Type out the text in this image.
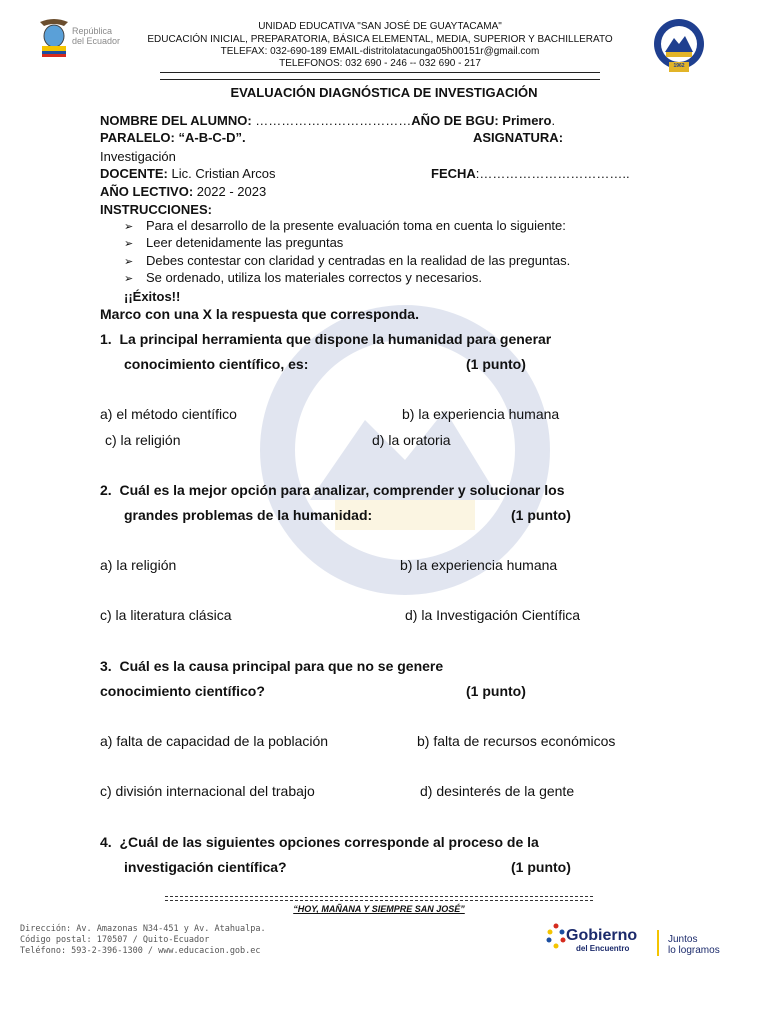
República
del Ecuador
UNIDAD EDUCATIVA "SAN JOSÉ DE GUAYTACAMA"
EDUCACIÓN INICIAL, PREPARATORIA, BÁSICA ELEMENTAL, MEDIA, SUPERIOR Y BACHILLERATO
TELEFAX: 032-690-189 EMAIL-distritolatacunga05h00151r@gmail.com
TELEFONOS: 032 690 - 246 -- 032 690 - 217	1962
EVALUACIÓN DIAGNÓSTICA DE INVESTIGACIÓN
NOMBRE DEL ALUMNO: ………………………………AÑO DE BGU: Primero.
PARALELO: “A-B-C-D”.	ASIGNATURA:
Investigación
DOCENTE: Lic. Cristian Arcos	FECHA:……………………………..
AÑO LECTIVO: 2022 - 2023
INSTRUCCIONES:
➢ Para el desarrollo de la presente evaluación toma en cuenta lo siguiente:
➢ Leer detenidamente las preguntas
➢ Debes contestar con claridad y centradas en la realidad de las preguntas.
➢ Se ordenado, utiliza los materiales correctos y necesarios.
¡¡Éxitos!!
Marco con una X la respuesta que corresponda.
1. La principal herramienta que dispone la humanidad para generar
conocimiento científico, es:	(1 punto)
a) el método científico	b) la experiencia humana
c) la religión	d) la oratoria
2. Cuál es la mejor opción para analizar, comprender y solucionar los
grandes problemas de la humanidad:	(1 punto)
a) la religión	b) la experiencia humana
c) la literatura clásica	d) la Investigación Científica
3. Cuál es la causa principal para que no se genere
conocimiento científico?	(1 punto)
a) falta de capacidad de la población	b) falta de recursos económicos
c) división internacional del trabajo	d) desinterés de la gente
4. ¿Cuál de las siguientes opciones corresponde al proceso de la
investigación científica?	(1 punto)
“HOY, MAÑANA Y SIEMPRE SAN JOSÉ”
Dirección: Av. Amazonas N34-451 y Av. Atahualpa.
Código postal: 170507 / Quito-Ecuador
Teléfono: 593-2-396-1300 / www.educacion.gob.ec
Gobierno
del Encuentro
Juntos
lo logramos
